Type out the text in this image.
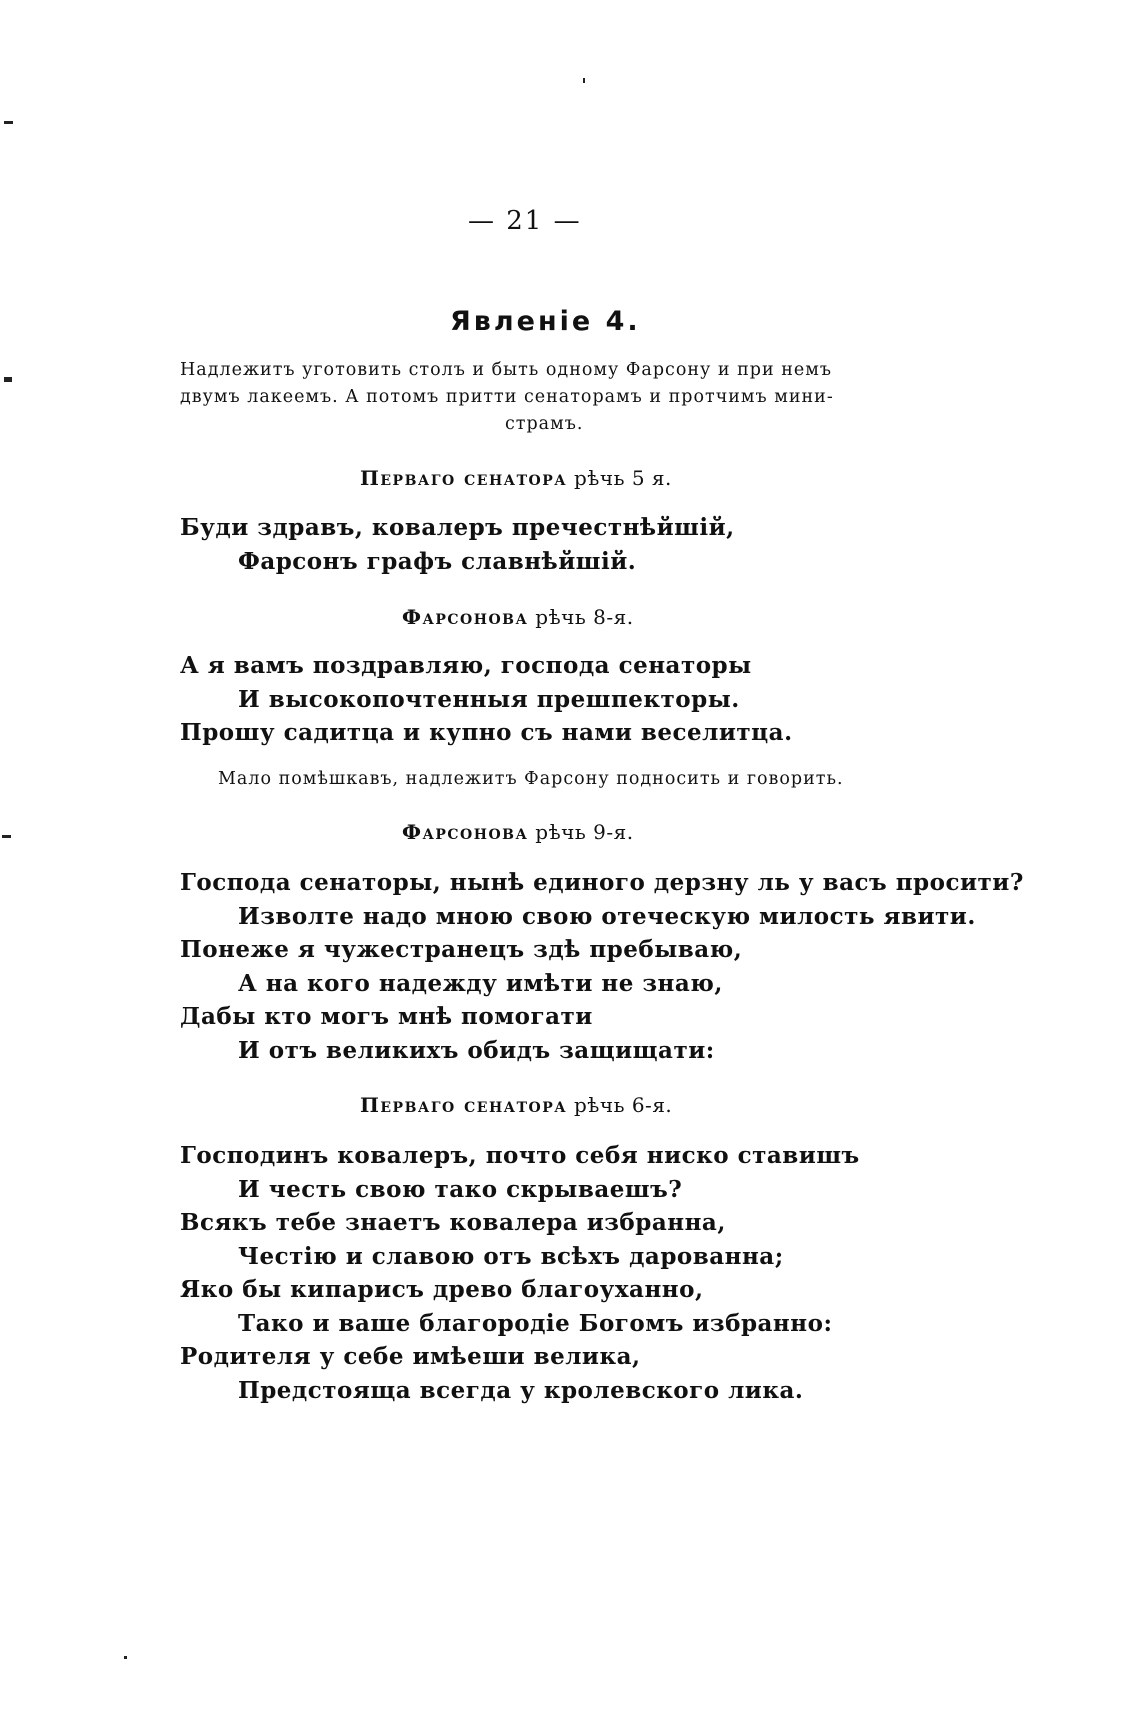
— 21 —
Явленie 4.
Надлежитъ уготовить столъ и быть одному Фарсону и при немъ
двумъ лакеемъ. А потомъ притти сенаторамъ и протчимъ мини-
страмъ.
Перваго сенатора рѣчь 5 я.
Буди здравъ, ковалеръ пречестнѣйшiй,
Фарсонъ графъ славнѣйшiй.
Фарсонова рѣчь 8-я.
А я вамъ поздравляю, господа сенаторы
И высокопочтенныя прешпекторы.
Прошу садитца и купно съ нами веселитца.
Мало помѣшкавъ, надлежитъ Фарсону подносить и говорить.
Фарсонова рѣчь 9-я.
Господа сенаторы, нынѣ единого дерзну ль у васъ просити?
Изволте надо мною свою отеческую милость явити.
Понеже я чужестранецъ здѣ пребываю,
А на кого надежду имѣти не знаю,
Дабы кто могъ мнѣ помогати
И отъ великихъ обидъ защищати:
Перваго сенатора рѣчь 6-я.
Господинъ ковалеръ, почто себя ниско ставишъ
И честь свою тако скрываешъ?
Всякъ тебе знаетъ ковалера избранна,
Честiю и славою отъ всѣхъ дарованна;
Яко бы кипарисъ древо благоуханно,
Тако и ваше благородiе Богомъ избранно:
Родителя у себе имѣеши велика,
Предстояща всегда у кролевского лика.
